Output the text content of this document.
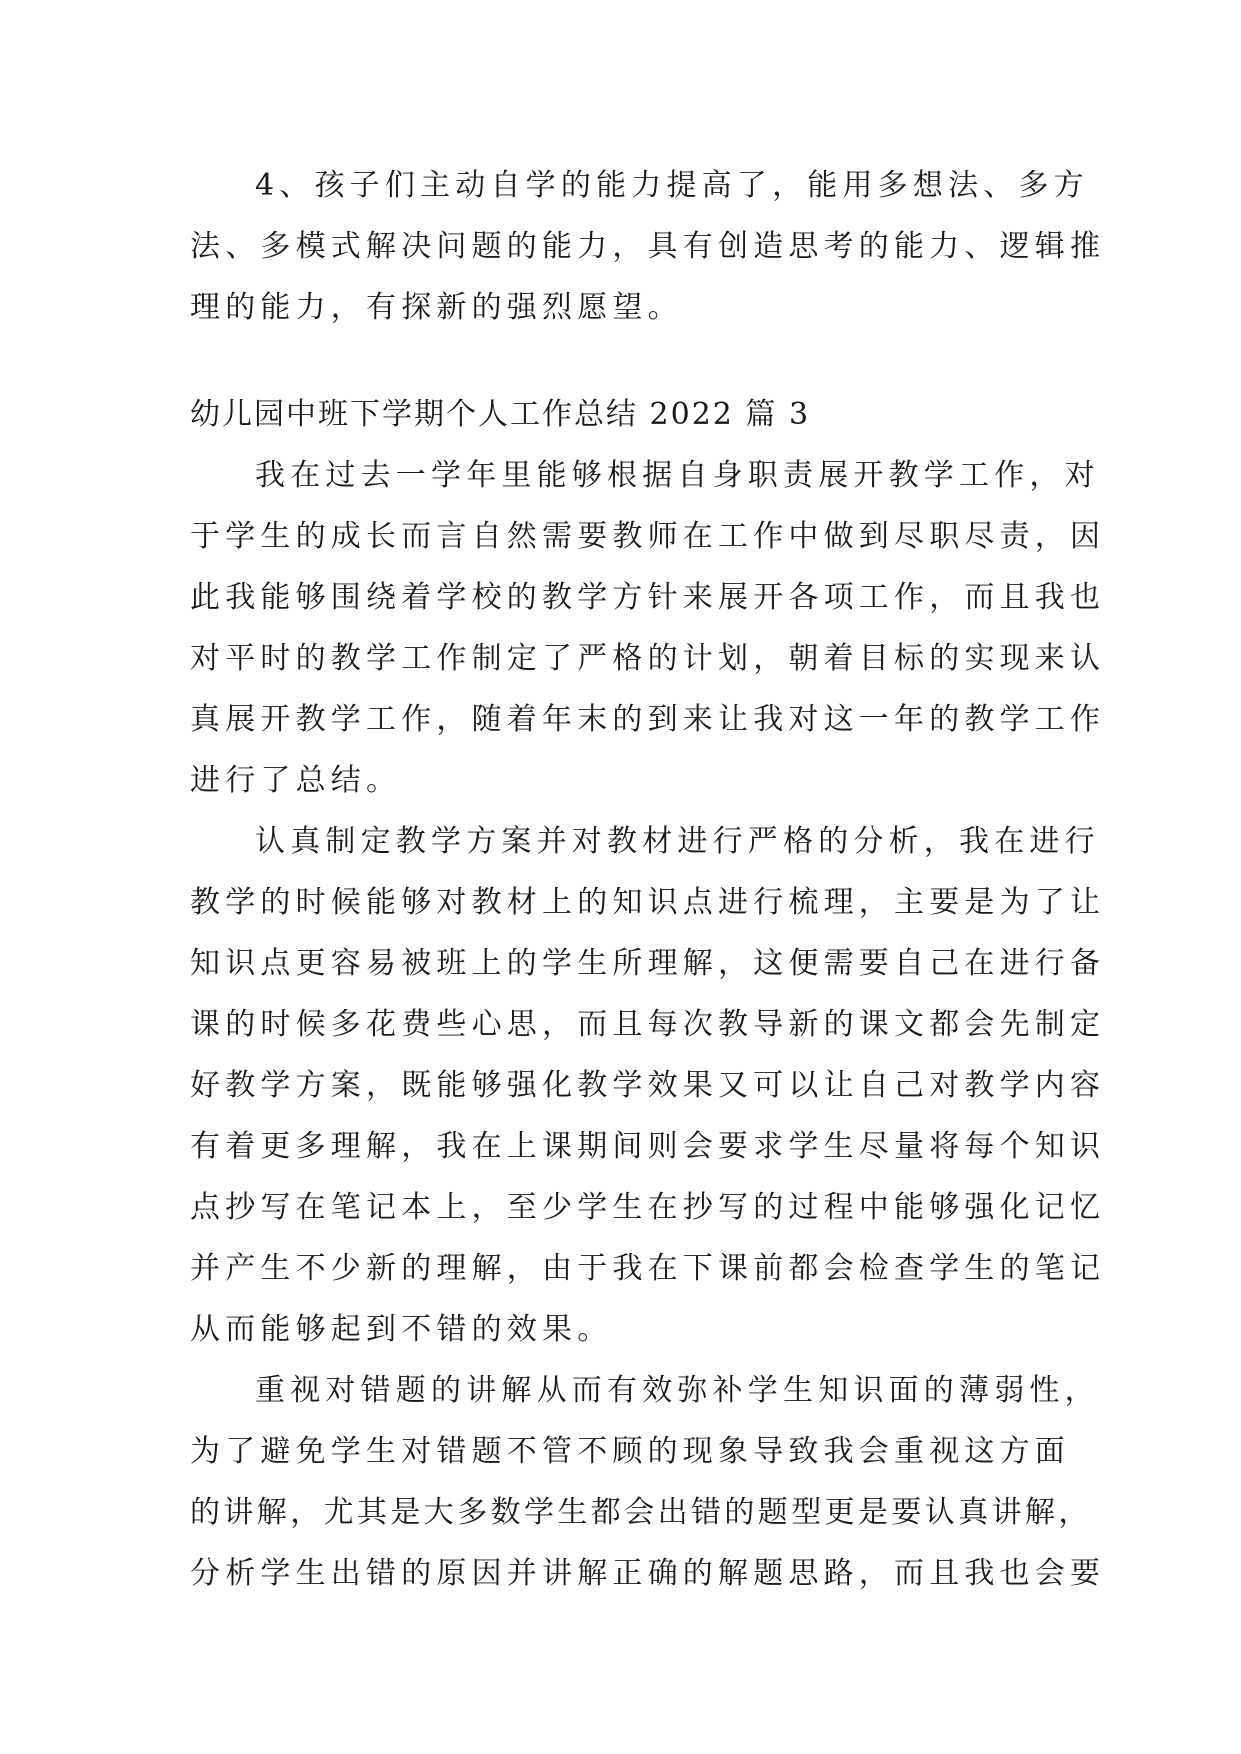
4、孩子们主动自学的能力提高了，能用多想法、多方
法、多模式解决问题的能力，具有创造思考的能力、逻辑推
理的能力，有探新的强烈愿望。
幼儿园中班下学期个人工作总结 2022 篇 3
我在过去一学年里能够根据自身职责展开教学工作，对
于学生的成长而言自然需要教师在工作中做到尽职尽责，因
此我能够围绕着学校的教学方针来展开各项工作，而且我也
对平时的教学工作制定了严格的计划，朝着目标的实现来认
真展开教学工作，随着年末的到来让我对这一年的教学工作
进行了总结。
认真制定教学方案并对教材进行严格的分析，我在进行
教学的时候能够对教材上的知识点进行梳理，主要是为了让
知识点更容易被班上的学生所理解，这便需要自己在进行备
课的时候多花费些心思，而且每次教导新的课文都会先制定
好教学方案，既能够强化教学效果又可以让自己对教学内容
有着更多理解，我在上课期间则会要求学生尽量将每个知识
点抄写在笔记本上，至少学生在抄写的过程中能够强化记忆
并产生不少新的理解，由于我在下课前都会检查学生的笔记
从而能够起到不错的效果。
重视对错题的讲解从而有效弥补学生知识面的薄弱性，
为了避免学生对错题不管不顾的现象导致我会重视这方面
的讲解，尤其是大多数学生都会出错的题型更是要认真讲解，
分析学生出错的原因并讲解正确的解题思路，而且我也会要
